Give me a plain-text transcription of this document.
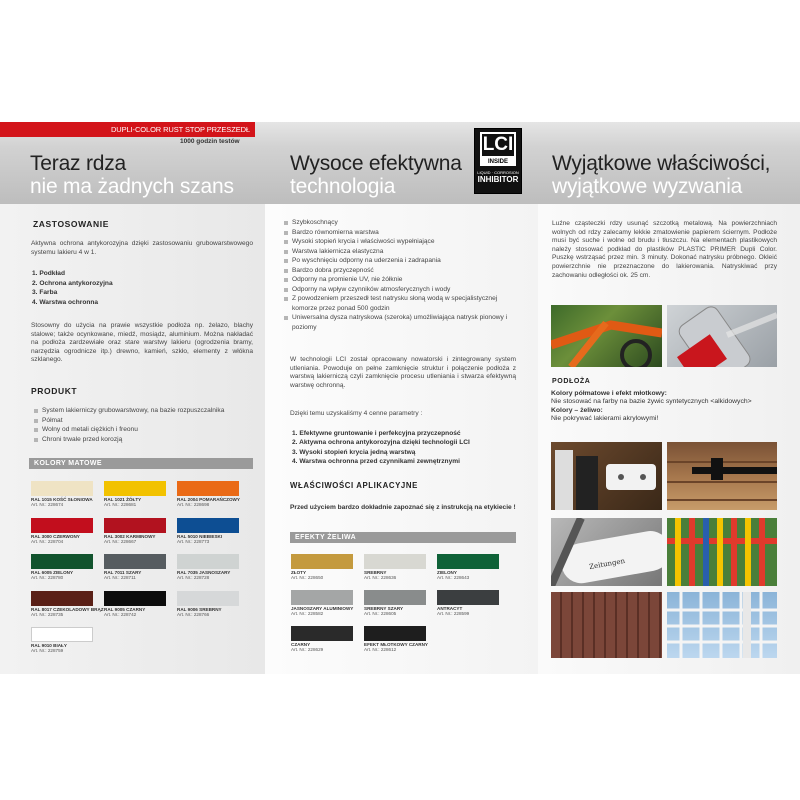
DUPLI-COLOR RUST STOP PRZESZEDŁ
1000 godzin testów
Teraz rdza
nie ma żadnych szans
Wysoce efektywna
technologia
Wyjątkowe właściwości,
wyjątkowe wyzwania
LCI
INSIDE
LIQUID · CORROSION
INHIBITOR
ZASTOSOWANIE
Aktywna ochrona antykorozyjna dzięki zastosowaniu grubowarstwowego systemu lakieru 4 w 1.
1. Podkład
2. Ochrona antykorozyjna
3. Farba
4. Warstwa ochronna
Stosowny do użycia na prawie wszystkie podłoża np. żelazo, blachy stalowe; także ocynkowane, miedź, mosiądz, aluminium. Można nakładać na podłoża zardzewiałe oraz stare warstwy lakieru (ogrodzenia bramy, narzędzia ogrodnicze itp.) drewno, kamień, szkło, elementy z włókna szklanego.
PRODUKT
System lakierniczy grubowarstwowy, na bazie rozpuszczalnika
Półmat
Wolny od metali ciężkich i freonu
Chroni trwale przed korozją
KOLORY MATOWE
RAL 1015 KOŚĆ SŁONIOWA
Art. Nr.: 228674
RAL 1021 ŻÓŁTY
Art. Nr.: 228681
RAL 2004 POMARAŃCZOWY
Art. Nr.: 228698
RAL 3000 CZERWONY
Art. Nr.: 228704
RAL 3002 KARMINOWY
Art. Nr.: 228667
RAL 5010 NIEBIESKI
Art. Nr.: 228773
RAL 6005 ZIELONY
Art. Nr.: 228780
RAL 7011 SZARY
Art. Nr.: 228711
RAL 7035 JASNOSZARY
Art. Nr.: 228728
RAL 8017 CZEKOLADOWY BRĄZ
Art. Nr.: 228735
RAL 9005 CZARNY
Art. Nr.: 228742
RAL 9006 SREBRNY
Art. Nr.: 228766
RAL 9010 BIAŁY
Art. Nr.: 228759
Szybkoschnący
Bardzo równomierna warstwa
Wysoki stopień krycia i właściwości wypełniające
Warstwa lakiernicza elastyczna
Po wyschnięciu odporny na uderzenia i zadrapania
Bardzo dobra przyczepność
Odporny na promienie UV, nie żółknie
Odporny na wpływ czynników atmosferycznych i wody
Z powodzeniem przeszedł test natrysku słoną wodą w specjalistycznej komorze przez ponad 500 godzin
Uniwersalna dysza natryskowa (szeroka) umożliwiająca natrysk pionowy i poziomy
W technologii LCI został opracowany nowatorski i zintegrowany system utleniania. Powoduje on pełne zamknięcie struktur i połączenie podłoża z warstwą lakierniczą czyli zamknięcie procesu utleniania i stwarza efektywną warstwę ochronną.
Dzięki temu uzyskaliśmy 4 cenne parametry :
1. Efektywne gruntowanie i perfekcyjna przyczepność
2. Aktywna ochrona antykorozyjna dzięki technologii LCI
3. Wysoki stopień krycia jedną warstwą
4. Warstwa ochronna przed czynnikami zewnętrznymi
WŁAŚCIWOŚCI APLIKACYJNE
Przed użyciem bardzo dokładnie zapoznać się z instrukcją na etykiecie !
EFEKTY ŻELIWA
ZŁOTY
Art. Nr.: 228650
SREBRNY
Art. Nr.: 228636
ZIELONY
Art. Nr.: 228643
JASNOSZARY ALUMINIOWY
Art. Nr.: 228582
SREBRNY SZARY
Art. Nr.: 228605
ANTRACYT
Art. Nr.: 228599
CZARNY
Art. Nr.: 228629
EFEKT MŁOTKOWY CZARNY
Art. Nr.: 228612
Luźne cząsteczki rdzy usunąć szczotką metalową. Na powierzchniach wolnych od rdzy zalecamy lekkie zmatowienie papierem ściernym. Podłoże musi być suche i wolne od brudu i tłuszczu. Na elementach plastikowych należy stosować podkład do plastików PLASTIC PRIMER Dupli Color. Puszkę wstrząsać przez min. 3 minuty. Dokonać natrysku próbnego. Okleić powierzchnie nie przeznaczone do lakierowania. Natryskiwać przy zachowaniu odległości ok. 25 cm.
PODŁOŻA
Kolory półmatowe i efekt młotkowy:
Nie stosować na farby na bazie żywic syntetycznych <alkidowych>
Kolory – żeliwo:
Nie pokrywać lakierami akrylowymi!
Zeitungen
